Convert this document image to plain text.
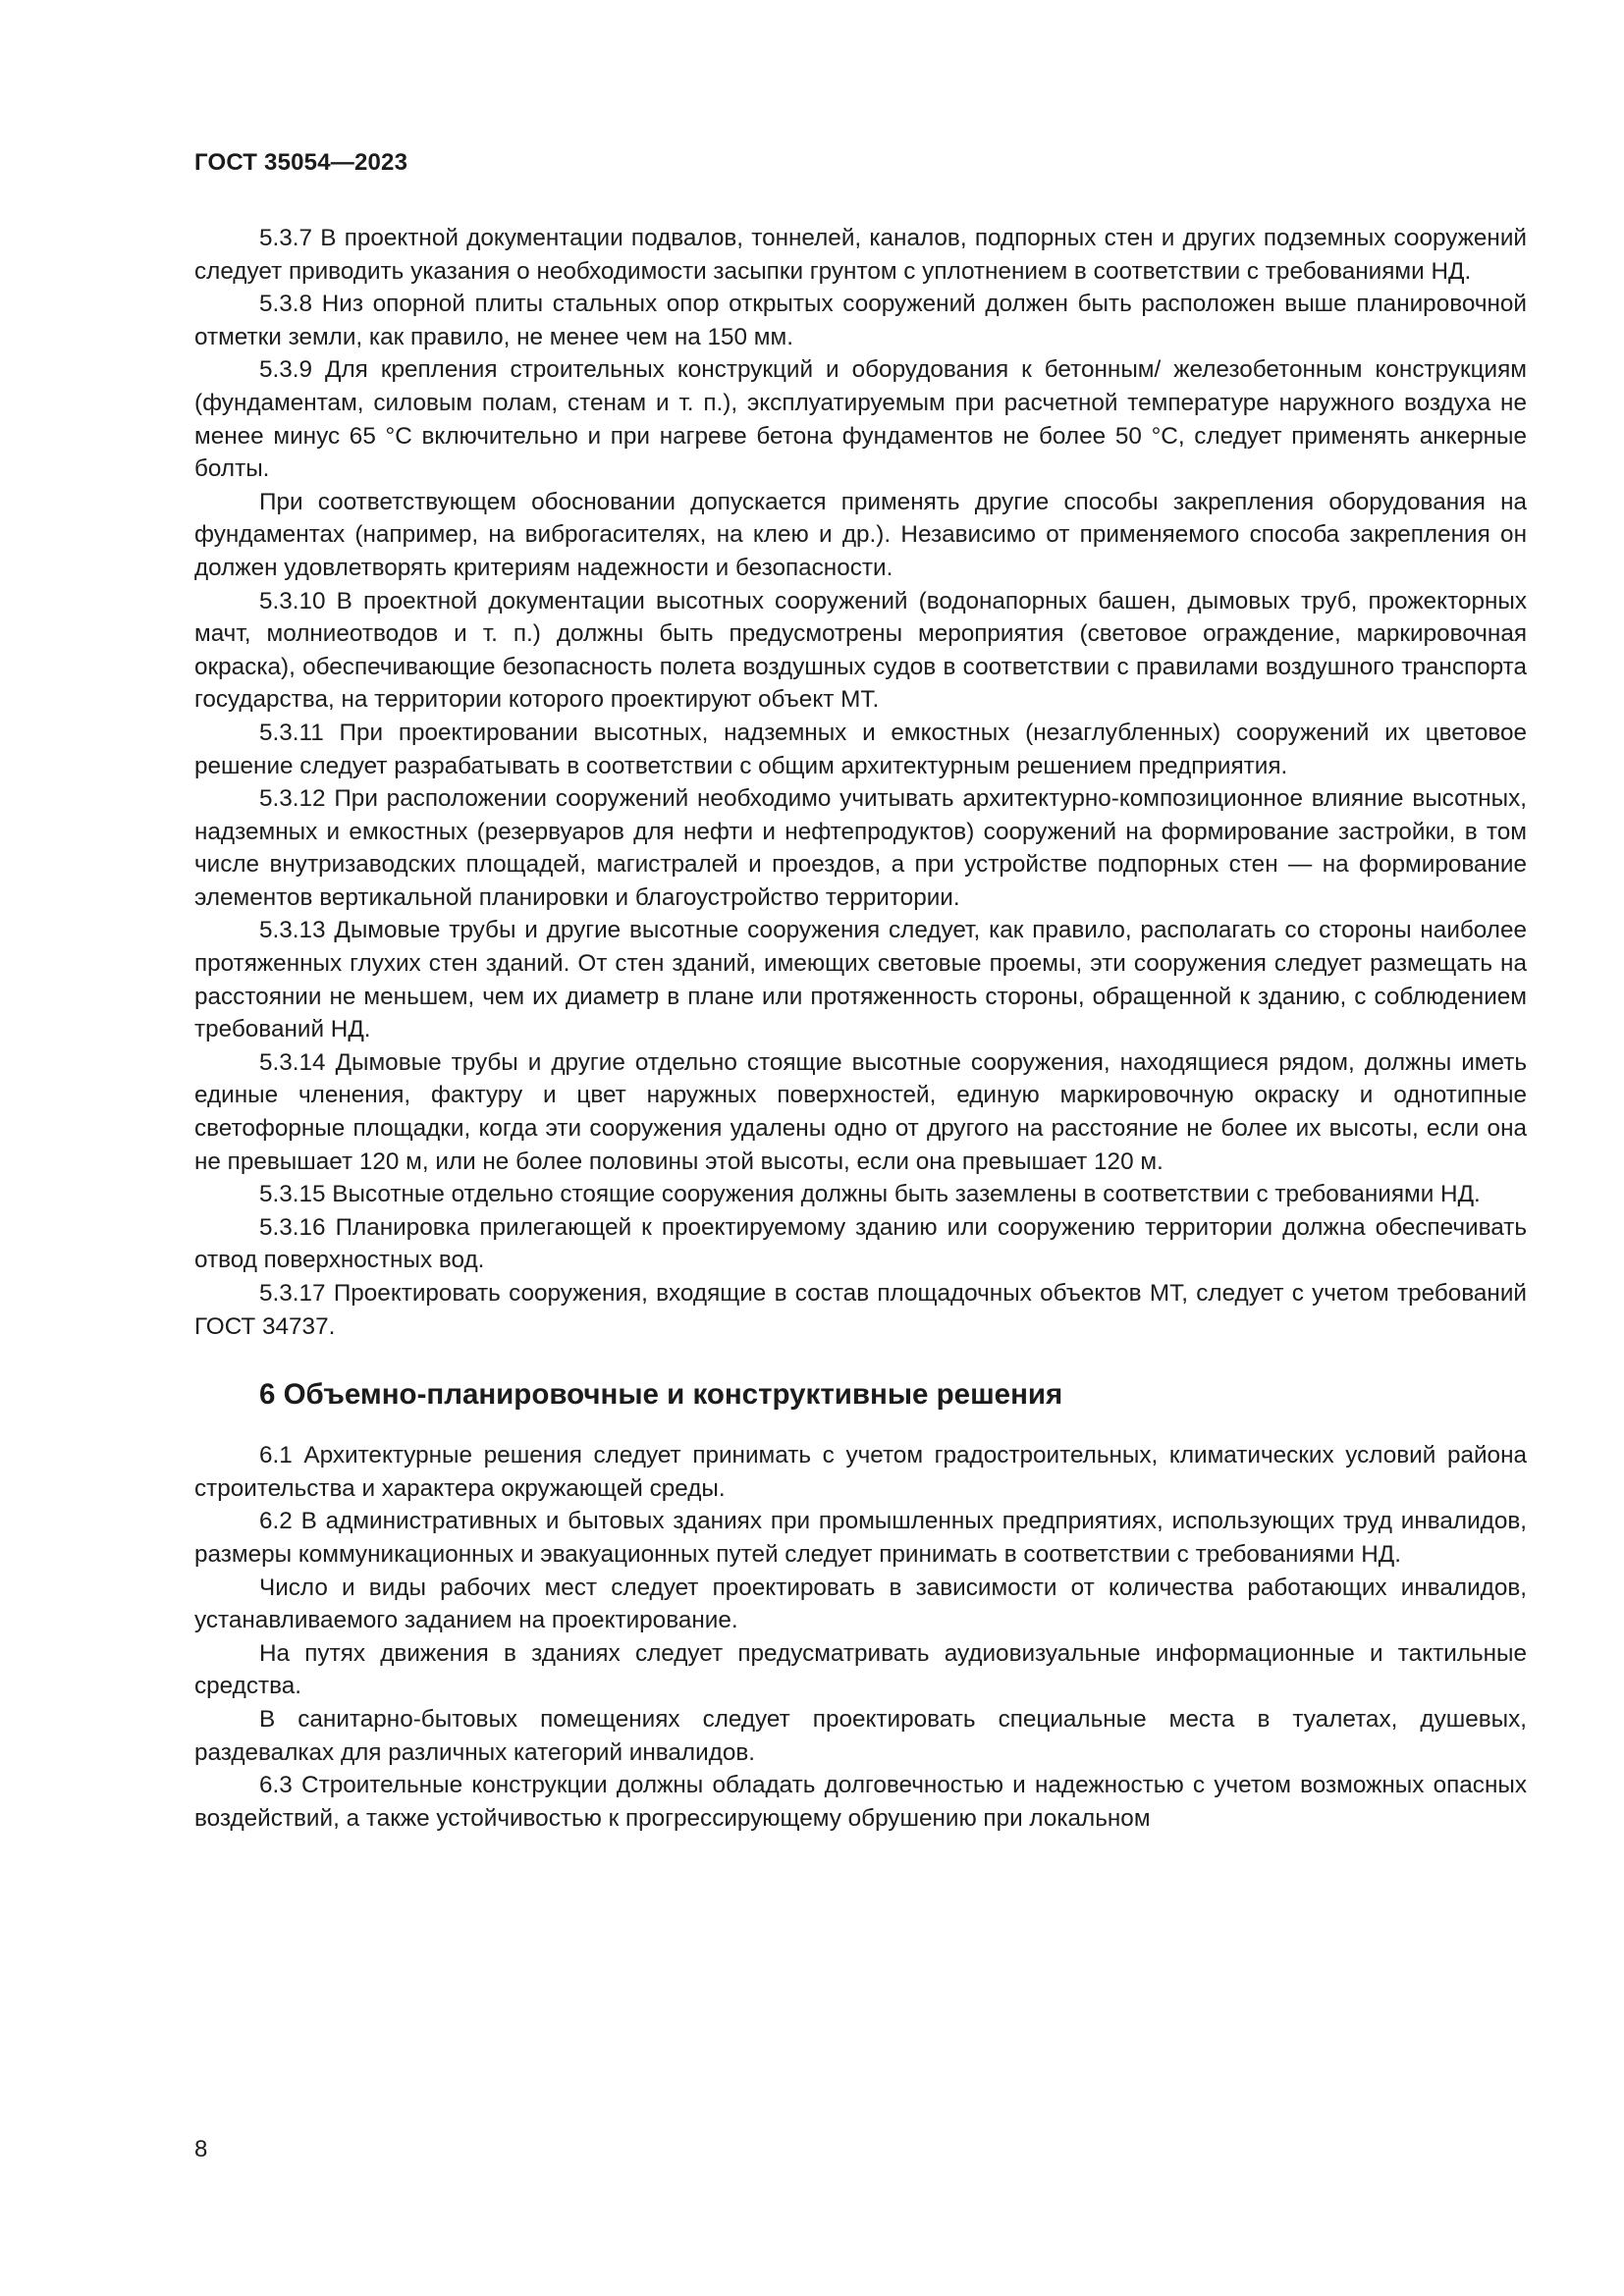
ГОСТ 35054—2023

5.3.7 В проектной документации подвалов, тоннелей, каналов, подпорных стен и других подземных сооружений следует приводить указания о необходимости засыпки грунтом с уплотнением в соответствии с требованиями НД.

5.3.8 Низ опорной плиты стальных опор открытых сооружений должен быть расположен выше планировочной отметки земли, как правило, не менее чем на 150 мм.

5.3.9 Для крепления строительных конструкций и оборудования к бетонным/ железобетонным конструкциям (фундаментам, силовым полам, стенам и т. п.), эксплуатируемым при расчетной температуре наружного воздуха не менее минус 65 °С включительно и при нагреве бетона фундаментов не более 50 °С, следует применять анкерные болты.

При соответствующем обосновании допускается применять другие способы закрепления оборудования на фундаментах (например, на виброгасителях, на клею и др.). Независимо от применяемого способа закрепления он должен удовлетворять критериям надежности и безопасности.

5.3.10 В проектной документации высотных сооружений (водонапорных башен, дымовых труб, прожекторных мачт, молниеотводов и т. п.) должны быть предусмотрены мероприятия (световое ограждение, маркировочная окраска), обеспечивающие безопасность полета воздушных судов в соответствии с правилами воздушного транспорта государства, на территории которого проектируют объект МТ.

5.3.11 При проектировании высотных, надземных и емкостных (незаглубленных) сооружений их цветовое решение следует разрабатывать в соответствии с общим архитектурным решением предприятия.

5.3.12 При расположении сооружений необходимо учитывать архитектурно-композиционное влияние высотных, надземных и емкостных (резервуаров для нефти и нефтепродуктов) сооружений на формирование застройки, в том числе внутризаводских площадей, магистралей и проездов, а при устройстве подпорных стен — на формирование элементов вертикальной планировки и благоустройство территории.

5.3.13 Дымовые трубы и другие высотные сооружения следует, как правило, располагать со стороны наиболее протяженных глухих стен зданий. От стен зданий, имеющих световые проемы, эти сооружения следует размещать на расстоянии не меньшем, чем их диаметр в плане или протяженность стороны, обращенной к зданию, с соблюдением требований НД.

5.3.14 Дымовые трубы и другие отдельно стоящие высотные сооружения, находящиеся рядом, должны иметь единые членения, фактуру и цвет наружных поверхностей, единую маркировочную окраску и однотипные светофорные площадки, когда эти сооружения удалены одно от другого на расстояние не более их высоты, если она не превышает 120 м, или не более половины этой высоты, если она превышает 120 м.

5.3.15 Высотные отдельно стоящие сооружения должны быть заземлены в соответствии с требованиями НД.

5.3.16 Планировка прилегающей к проектируемому зданию или сооружению территории должна обеспечивать отвод поверхностных вод.

5.3.17 Проектировать сооружения, входящие в состав площадочных объектов МТ, следует с учетом требований ГОСТ 34737.

6 Объемно-планировочные и конструктивные решения

6.1 Архитектурные решения следует принимать с учетом градостроительных, климатических условий района строительства и характера окружающей среды.

6.2 В административных и бытовых зданиях при промышленных предприятиях, использующих труд инвалидов, размеры коммуникационных и эвакуационных путей следует принимать в соответствии с требованиями НД.

Число и виды рабочих мест следует проектировать в зависимости от количества работающих инвалидов, устанавливаемого заданием на проектирование.

На путях движения в зданиях следует предусматривать аудиовизуальные информационные и тактильные средства.

В санитарно-бытовых помещениях следует проектировать специальные места в туалетах, душевых, раздевалках для различных категорий инвалидов.

6.3 Строительные конструкции должны обладать долговечностью и надежностью с учетом возможных опасных воздействий, а также устойчивостью к прогрессирующему обрушению при локальном

8
